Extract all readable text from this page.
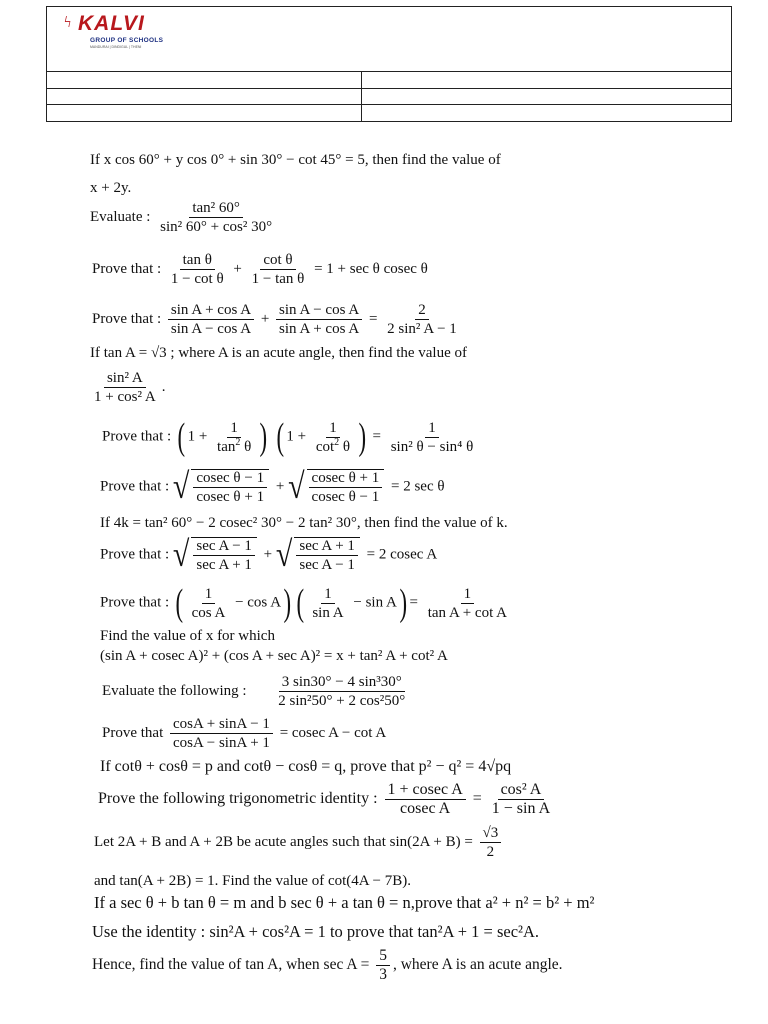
ϟ KALVI
GROUP OF SCHOOLS
MANDURAI | DINDIGUL | THENI
If x cos 60° + y cos 0° + sin 30° − cot 45° = 5, then find the value of
x + 2y.
Evaluate : $\frac{\text{tan² 60°}}{\text{sin² 60° + cos² 30°}}$
Prove that : $\frac{\text{tan θ}}{\text{1 − cot θ}} + \frac{\text{cot θ}}{\text{1 − tan θ}} = 1 + \sec \theta$ cosec θ
Prove that : $\frac{\text{sin A + cos A}}{\text{sin A − cos A}} + \frac{\text{sin A − cos A}}{\text{sin A + cos A}} = \frac{2}{\text{2 sin² A − 1}}$
If tan A = √3 ; where A is an acute angle, then find the value of
$\frac{\text{sin² A}}{\text{1 + cos² A}}$ .
Prove that : ( $1 + \frac{1}{\tan^2 \theta}$ ) ( $1 + \frac{1}{\cot^2 \theta}$ ) = $\frac{1}{\text{sin² θ − sin⁴ θ}}$
Prove that : √ $\frac{\text{cosec θ − 1}}{\text{cosec θ + 1}}$ + √ $\frac{\text{cosec θ + 1}}{\text{cosec θ − 1}} = 2$ sec θ
If 4k = tan² 60° − 2 cosec² 30° − 2 tan² 30°, then find the value of k.
Prove that : √ $\frac{\text{sec A − 1}}{\text{sec A + 1}}$ + √ $\frac{\text{sec A + 1}}{\text{sec A − 1}} = 2$ cosec A
Prove that : ( $\frac{1}{\text{cos A}} - \cos A$) ( $\frac{1}{\text{sin A}} - \sin A) = \frac{1}{\text{tan A + cot A}}$
Find the value of x for which
(sin A + cosec A)² + (cos A + sec A)² = x + tan² A + cot² A
Evaluate the following : $\frac{\text{3 sin30° − 4 sin³30°}}{\text{2 sin²50° + 2 cos²50°}}$
Prove that $\frac{\cos A + \sin A - 1}{\cos A - \sin A + 1} = cosec$ A − cot A
If cotθ + cosθ = p and cotθ − cosθ = q, prove that p² − q² = 4√pq
Prove the following trigonometric identity : $\frac{\text{1 + cosec A}}{\text{cosec A}} = \frac{\text{cos² A}}{\text{1 − sin A}}$
Let 2A + B and A + 2B be acute angles such that $\sin(2A + B) = \frac{√3}{2}$
and tan(A + 2B) = 1. Find the value of cot(4A − 7B).
If a sec θ + b tan θ = m and b sec θ + a tan θ = n,prove that a² + n² = b² + m²
Use the identity : sin²A + cos²A = 1 to prove that tan²A + 1 = sec²A.
Hence, find the value of tan A, when $\sec A = \frac{5}{3}$ , where A is an acute angle.
